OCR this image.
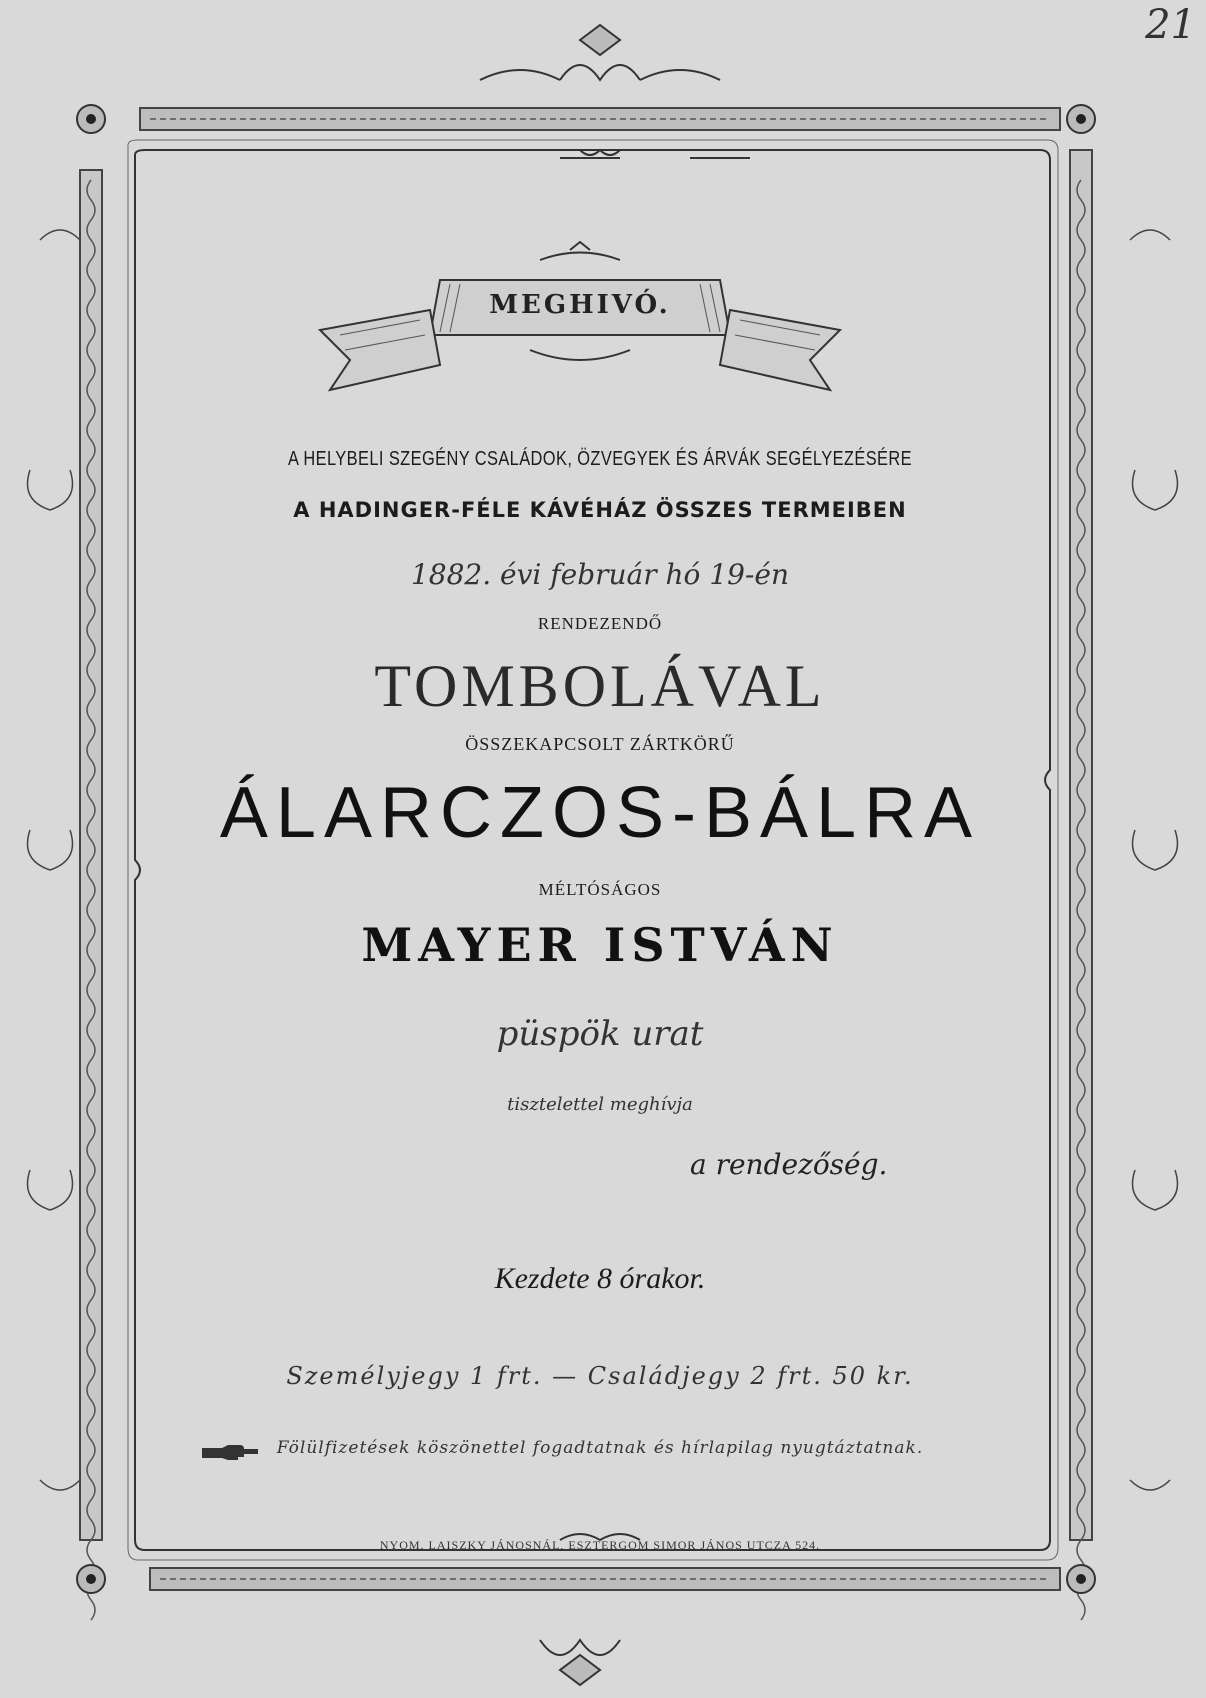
21
MEGHIVÓ.
A HELYBELI SZEGÉNY CSALÁDOK, ÖZVEGYEK ÉS ÁRVÁK SEGÉLYEZÉSÉRE
A HADINGER-FÉLE KÁVÉHÁZ ÖSSZES TERMEIBEN
1882. évi február hó 19-én
RENDEZENDŐ
TOMBOLÁVAL
ÖSSZEKAPCSOLT ZÁRTKÖRŰ
ÁLARCZOS-BÁLRA
MÉLTÓSÁGOS
MAYER ISTVÁN
püspök urat
tisztelettel meghívja
a rendezőség.
Kezdete 8 órakor.
Személyjegy 1 frt. — Családjegy 2 frt. 50 kr.
Fölülfizetések köszönettel fogadtatnak és hírlapilag nyugtáztatnak.
NYOM. LAISZKY JÁNOSNÁL, ESZTERGOM SIMOR JÁNOS UTCZA 524.
